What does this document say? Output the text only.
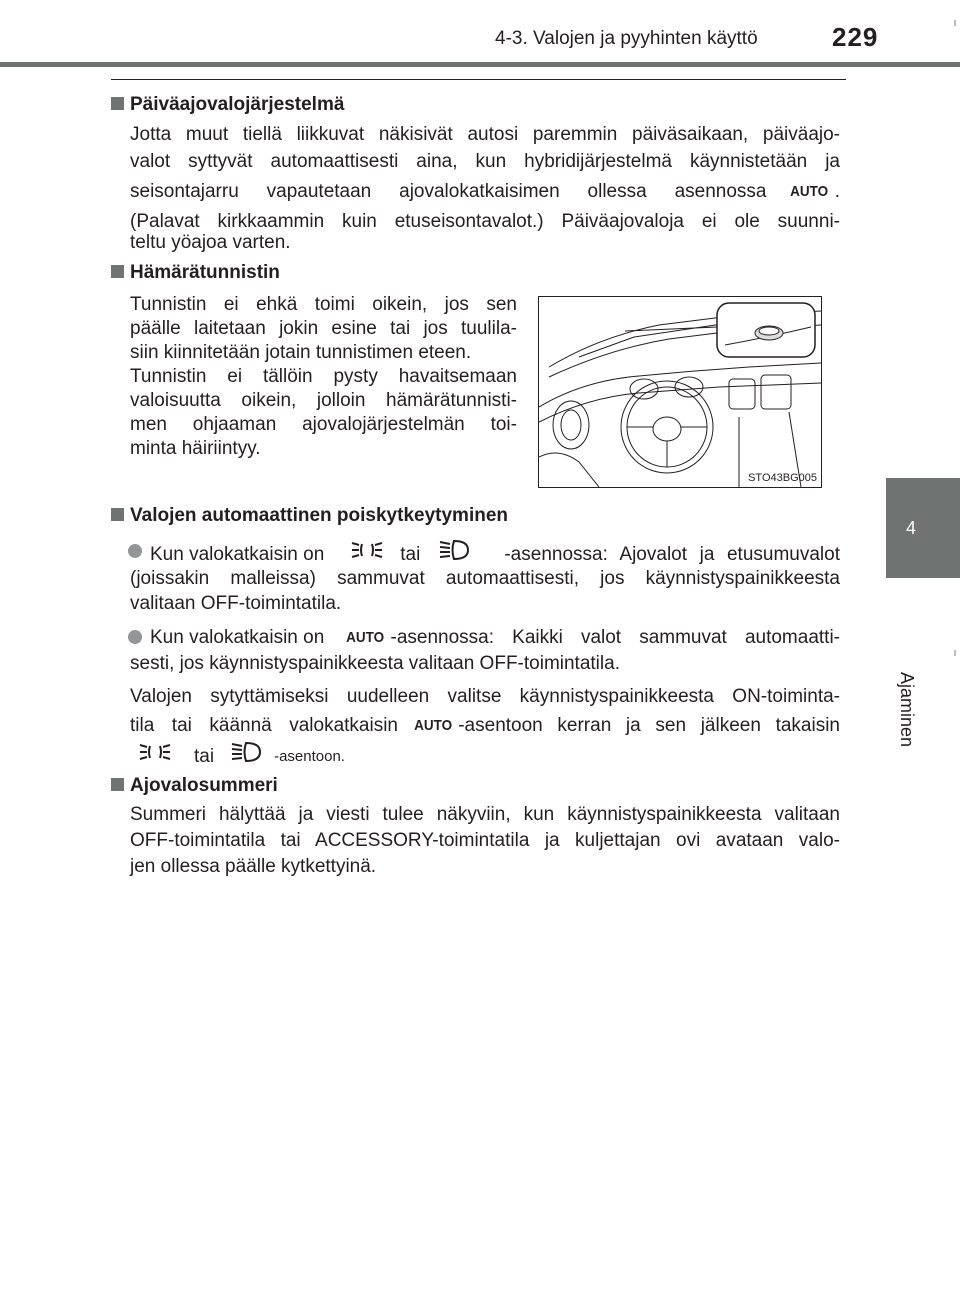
4-3. Valojen ja pyyhinten käyttö	229
4
Ajaminen
Päiväajovalojärjestelmä
Jotta muut tiellä liikkuvat näkisivät autosi paremmin päiväsaikaan, päiväajo-
valot syttyvät automaattisesti aina, kun hybridijärjestelmä käynnistetään ja
seisontajarru vapautetaan ajovalokatkaisimen ollessa asennossa AUTO .
(Palavat kirkkaammin kuin etuseisontavalot.) Päiväajovaloja ei ole suunni-
teltu yöajoa varten.
Hämärätunnistin
Tunnistin ei ehkä toimi oikein, jos sen
päälle laitetaan jokin esine tai jos tuulila-
siin kiinnitetään jotain tunnistimen eteen.
Tunnistin ei tällöin pysty havaitsemaan
valoisuutta oikein, jolloin hämärätunnisti-
men ohjaaman ajovalojärjestelmän toi-
minta häiriintyy.
STO43BG005
Valojen automaattinen poiskytkeytyminen
Kun valokatkaisin on	tai	-asennossa: Ajovalot ja etusumuvalot
(joissakin malleissa) sammuvat automaattisesti, jos käynnistyspainikkeesta
valitaan OFF-toimintatila.
Kun valokatkaisin on AUTO -asennossa: Kaikki valot sammuvat automaatti-
sesti, jos käynnistyspainikkeesta valitaan OFF-toimintatila.
Valojen sytyttämiseksi uudelleen valitse käynnistyspainikkeesta ON-toiminta-
tila tai käännä valokatkaisin AUTO -asentoon kerran ja sen jälkeen takaisin
tai	-asentoon.
Ajovalosummeri
Summeri hälyttää ja viesti tulee näkyviin, kun käynnistyspainikkeesta valitaan
OFF-toimintatila tai ACCESSORY-toimintatila ja kuljettajan ovi avataan valo-
jen ollessa päälle kytkettyinä.
